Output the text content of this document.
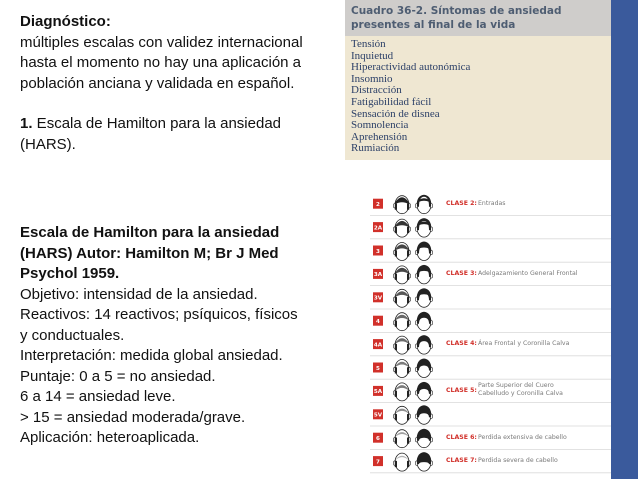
Diagnóstico:

múltiples escalas con validez internacional

hasta el momento no hay una aplicación a

población anciana y validada en español.

1. Escala de Hamilton para la ansiedad

(HARS).

Escala de Hamilton para la ansiedad

(HARS) Autor: Hamilton M; Br J Med

Psychol 1959.

Objetivo: intensidad de la ansiedad.

Reactivos: 14 reactivos; psíquicos, físicos

y conductuales.

Interpretación: medida global ansiedad.

Puntaje: 0 a 5 = no ansiedad.

6 a 14 = ansiedad leve.

> 15 = ansiedad moderada/grave.

Aplicación: heteroaplicada.

Cuadro 36-2. Síntomas de ansiedad presentes al final de la vida
Tensión
Inquietud
Hiperactividad autonómica
Insomnio
Distracción
Fatigabilidad fácil
Sensación de disnea
Somnolencia
Aprehensión
Rumiación
2
2A
3
3A
3V
4
4A
5
5A
5V
6
7
CLASE 2: Entradas
CLASE 3: Adelgazamiento General Frontal
CLASE 4: Área Frontal y Coronilla Calva
CLASE 5:
Parte Superior del Cuero
Cabelludo y Coronilla Calva
CLASE 6: Perdida extensiva de cabello
CLASE 7: Perdida severa de cabello
